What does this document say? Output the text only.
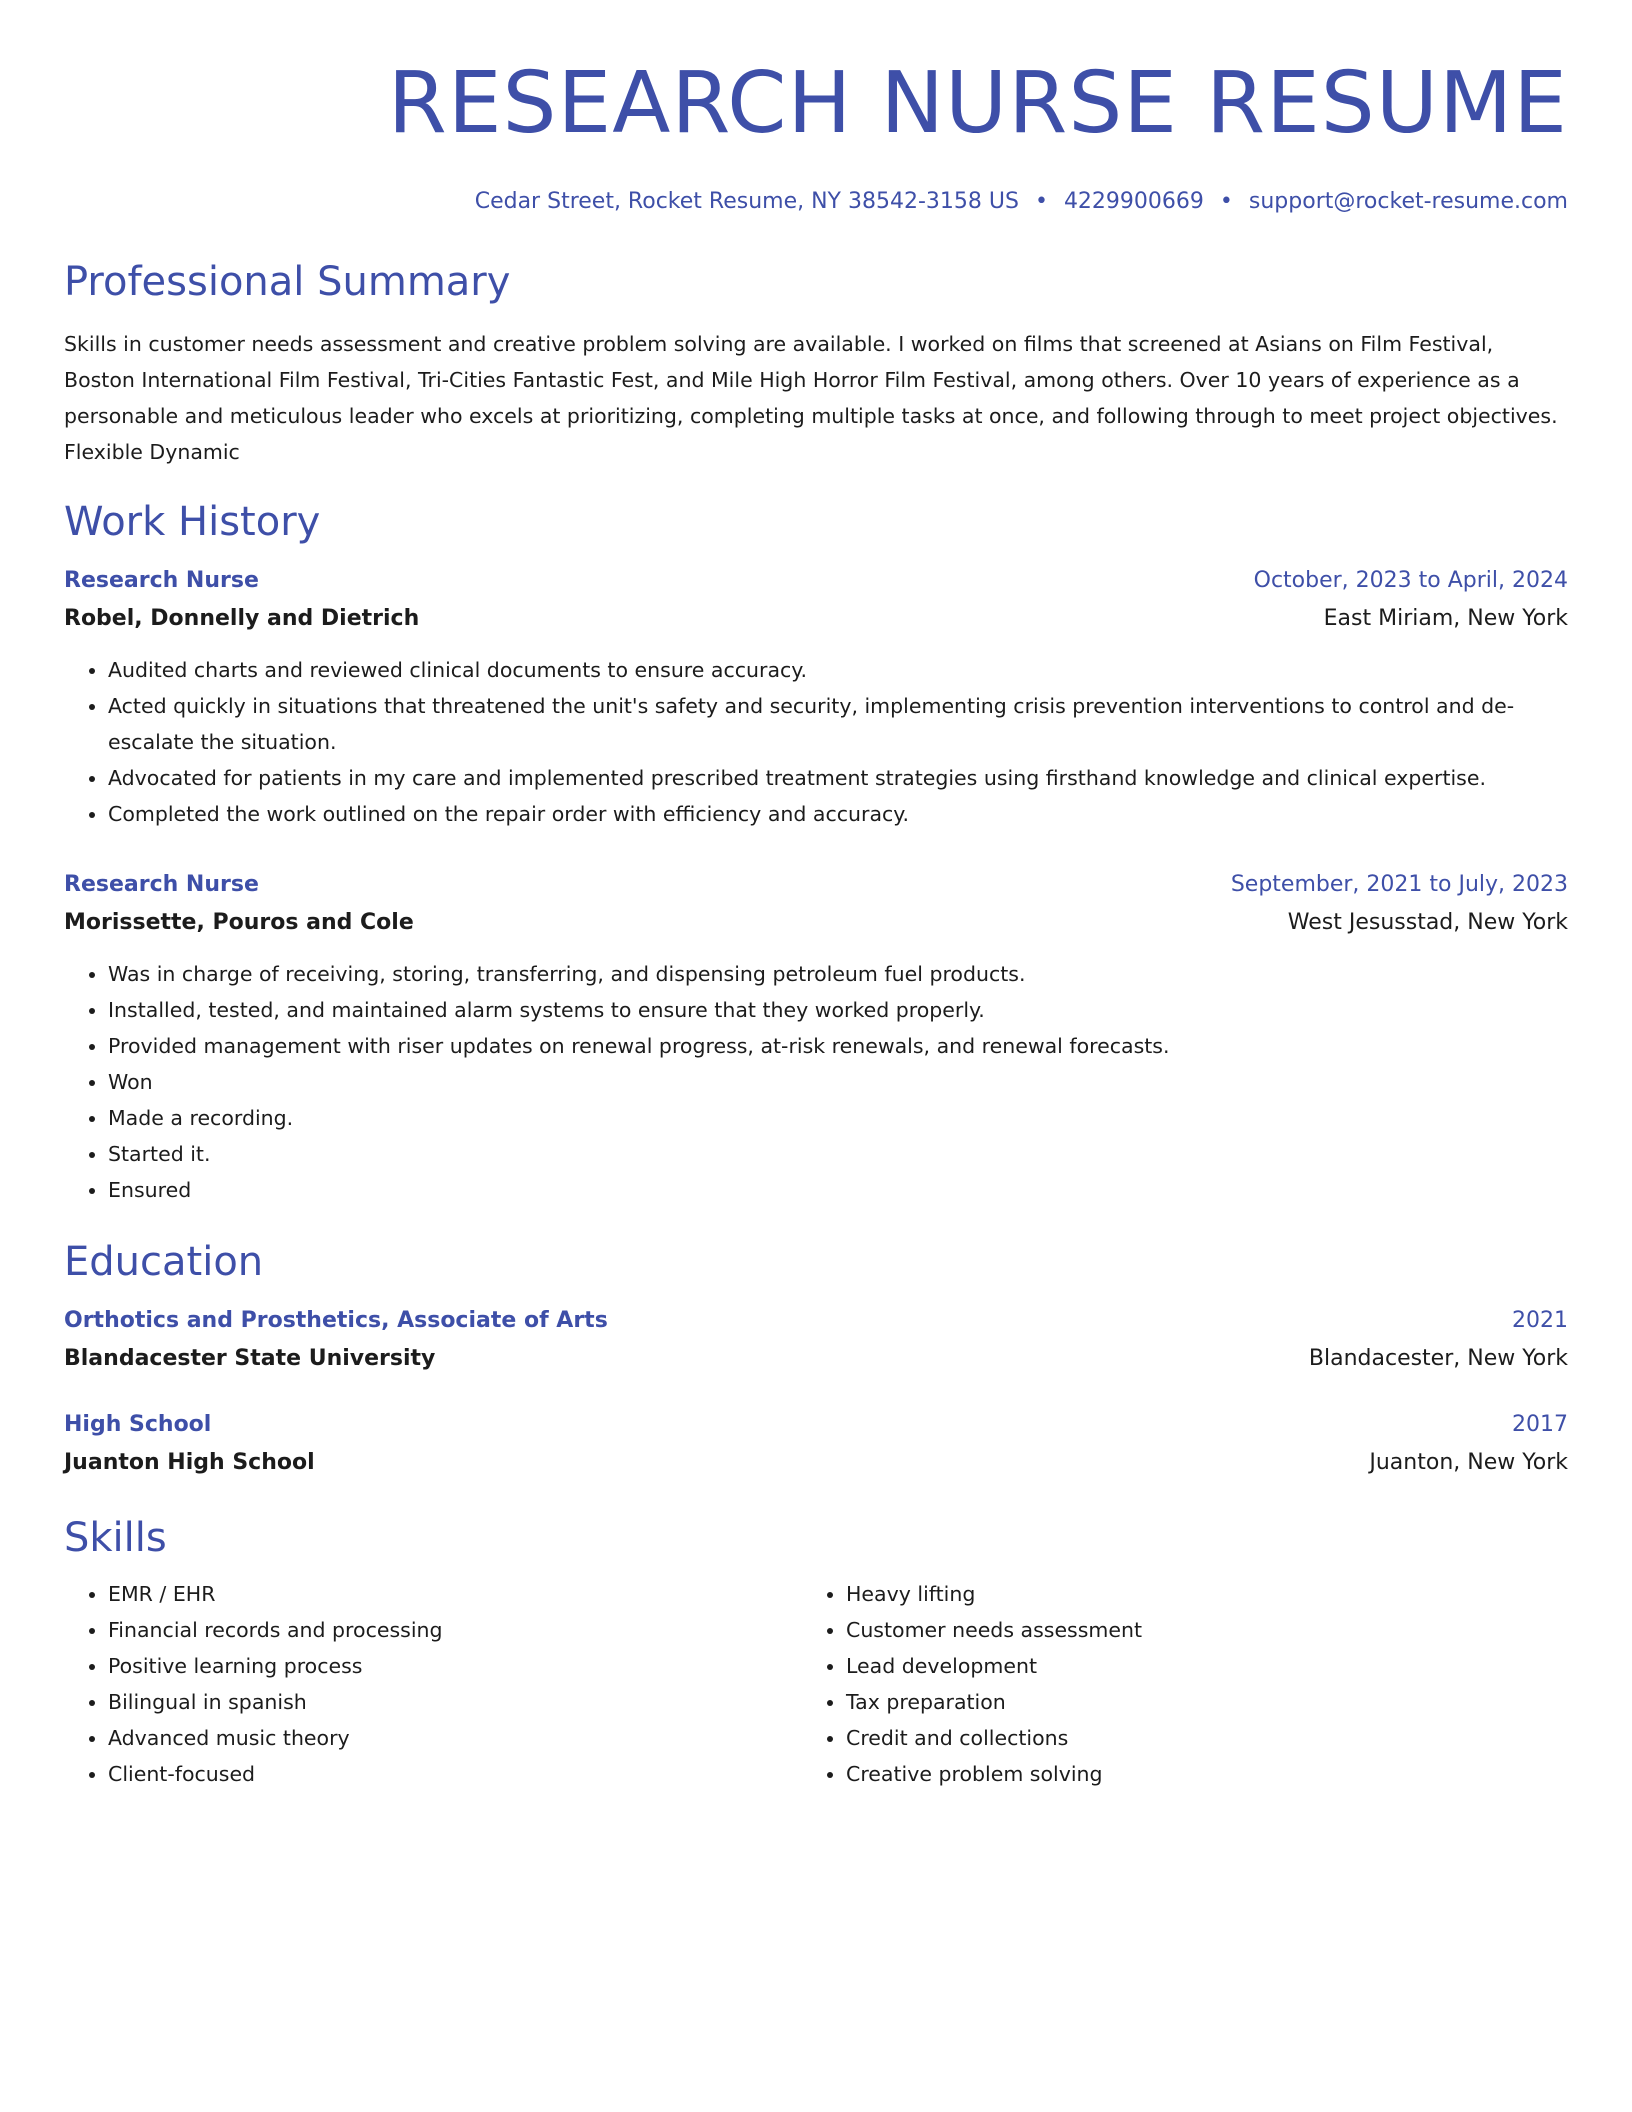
RESEARCH NURSE RESUME
Cedar Street, Rocket Resume, NY 38542-3158 US • 4229900669 • support@rocket-resume.com
Professional Summary
Skills in customer needs assessment and creative problem solving are available. I worked on films that screened at Asians on Film Festival, Boston International Film Festival, Tri-Cities Fantastic Fest, and Mile High Horror Film Festival, among others. Over 10 years of experience as a personable and meticulous leader who excels at prioritizing, completing multiple tasks at once, and following through to meet project objectives. Flexible Dynamic
Work History
Research Nurse	October, 2023 to April, 2024
Robel, Donnelly and Dietrich	East Miriam, New York
• Audited charts and reviewed clinical documents to ensure accuracy.
• Acted quickly in situations that threatened the unit's safety and security, implementing crisis prevention interventions to control and de-escalate the situation.
• Advocated for patients in my care and implemented prescribed treatment strategies using firsthand knowledge and clinical expertise.
• Completed the work outlined on the repair order with efficiency and accuracy.
Research Nurse	September, 2021 to July, 2023
Morissette, Pouros and Cole	West Jesusstad, New York
• Was in charge of receiving, storing, transferring, and dispensing petroleum fuel products.
• Installed, tested, and maintained alarm systems to ensure that they worked properly.
• Provided management with riser updates on renewal progress, at-risk renewals, and renewal forecasts.
• Won
• Made a recording.
• Started it.
• Ensured
Education
Orthotics and Prosthetics, Associate of Arts	2021
Blandacester State University	Blandacester, New York
High School	2017
Juanton High School	Juanton, New York
Skills
• EMR / EHR
• Financial records and processing
• Positive learning process
• Bilingual in spanish
• Advanced music theory
• Client-focused
• Heavy lifting
• Customer needs assessment
• Lead development
• Tax preparation
• Credit and collections
• Creative problem solving
